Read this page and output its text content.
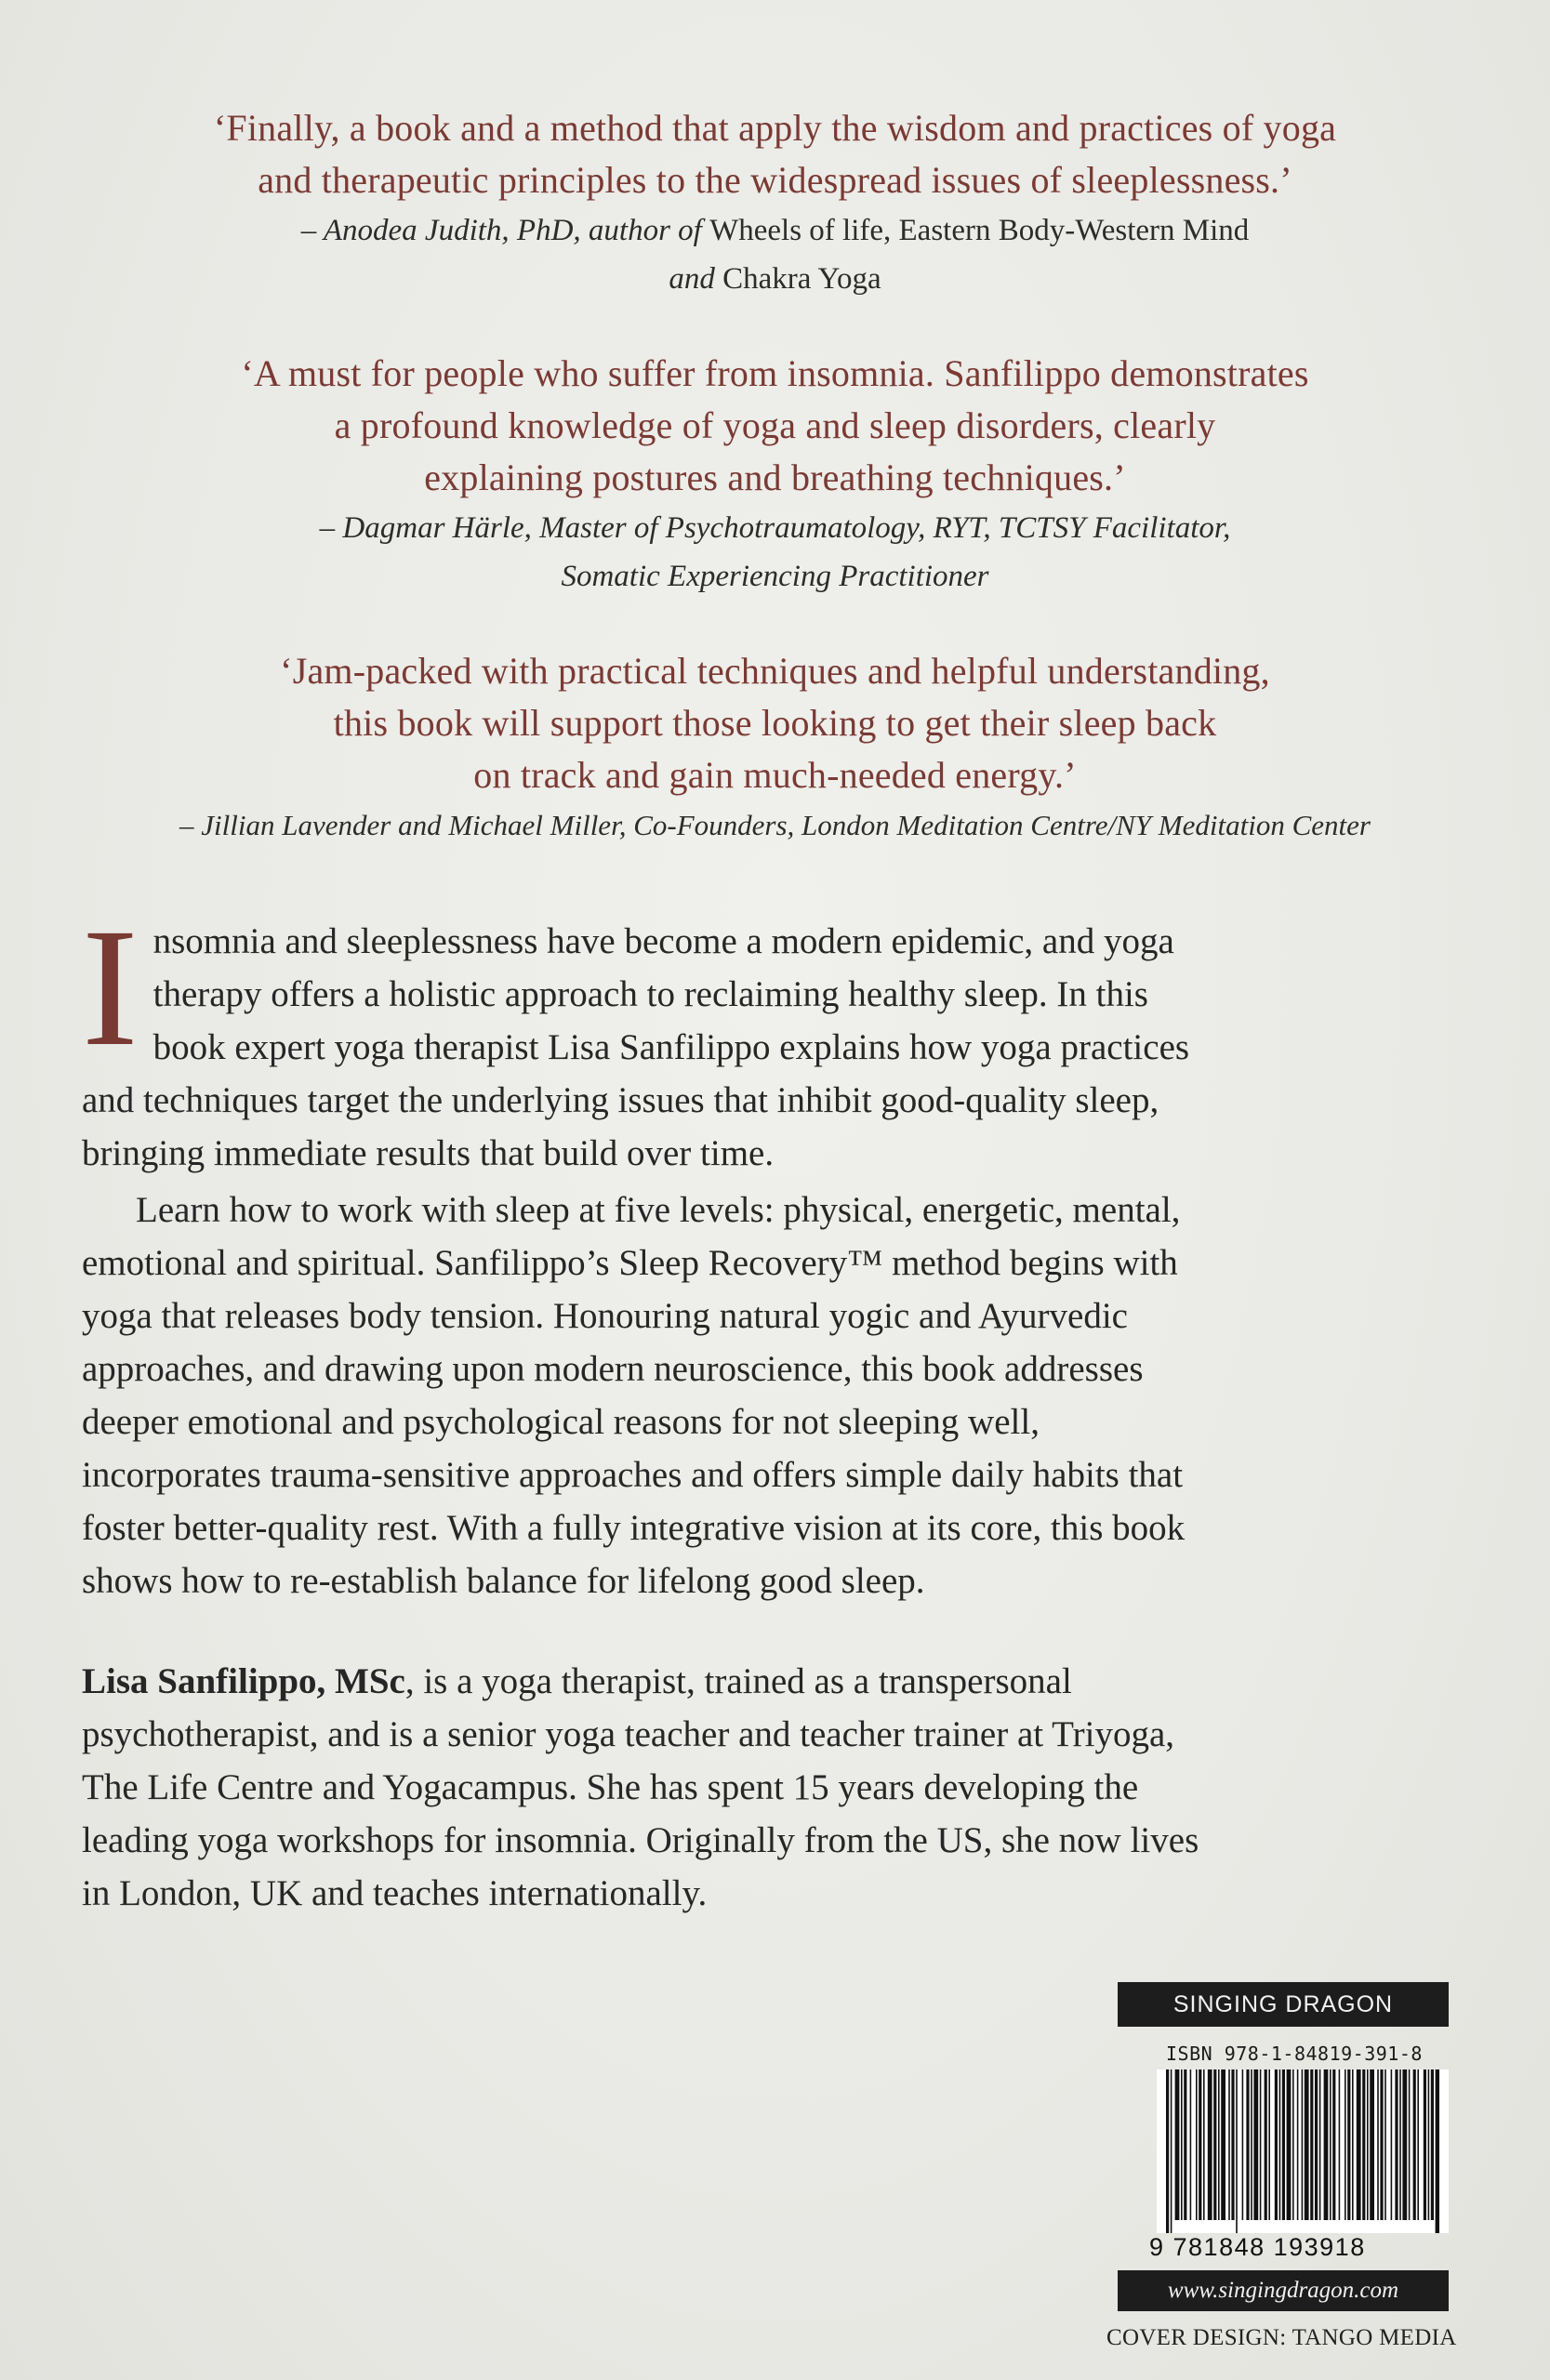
‘Finally, a book and a method that apply the wisdom and practices of yoga
and therapeutic principles to the widespread issues of sleeplessness.’
– Anodea Judith, PhD, author of Wheels of life, Eastern Body-Western Mind
and Chakra Yoga
‘A must for people who suffer from insomnia. Sanfilippo demonstrates
a profound knowledge of yoga and sleep disorders, clearly
explaining postures and breathing techniques.’
– Dagmar Härle, Master of Psychotraumatology, RYT, TCTSY Facilitator,
Somatic Experiencing Practitioner
‘Jam-packed with practical techniques and helpful understanding,
this book will support those looking to get their sleep back
on track and gain much-needed energy.’
– Jillian Lavender and Michael Miller, Co-Founders, London Meditation Centre/NY Meditation Center

I nsomnia and sleeplessness have become a modern epidemic, and yoga
therapy offers a holistic approach to reclaiming healthy sleep. In this
book expert yoga therapist Lisa Sanfilippo explains how yoga practices
and techniques target the underlying issues that inhibit good-quality sleep,
bringing immediate results that build over time.

Learn how to work with sleep at five levels: physical, energetic, mental,
emotional and spiritual. Sanfilippo’s Sleep Recovery™ method begins with
yoga that releases body tension. Honouring natural yogic and Ayurvedic
approaches, and drawing upon modern neuroscience, this book addresses
deeper emotional and psychological reasons for not sleeping well,
incorporates trauma-sensitive approaches and offers simple daily habits that
foster better-quality rest. With a fully integrative vision at its core, this book
shows how to re-establish balance for lifelong good sleep.

Lisa Sanfilippo, MSc, is a yoga therapist, trained as a transpersonal
psychotherapist, and is a senior yoga teacher and teacher trainer at Triyoga,
The Life Centre and Yogacampus. She has spent 15 years developing the
leading yoga workshops for insomnia. Originally from the US, she now lives
in London, UK and teaches internationally.
SINGING DRAGON
ISBN 978-1-84819-391-8
9 781848 193918
www.singingdragon.com
COVER DESIGN: TANGO MEDIA
